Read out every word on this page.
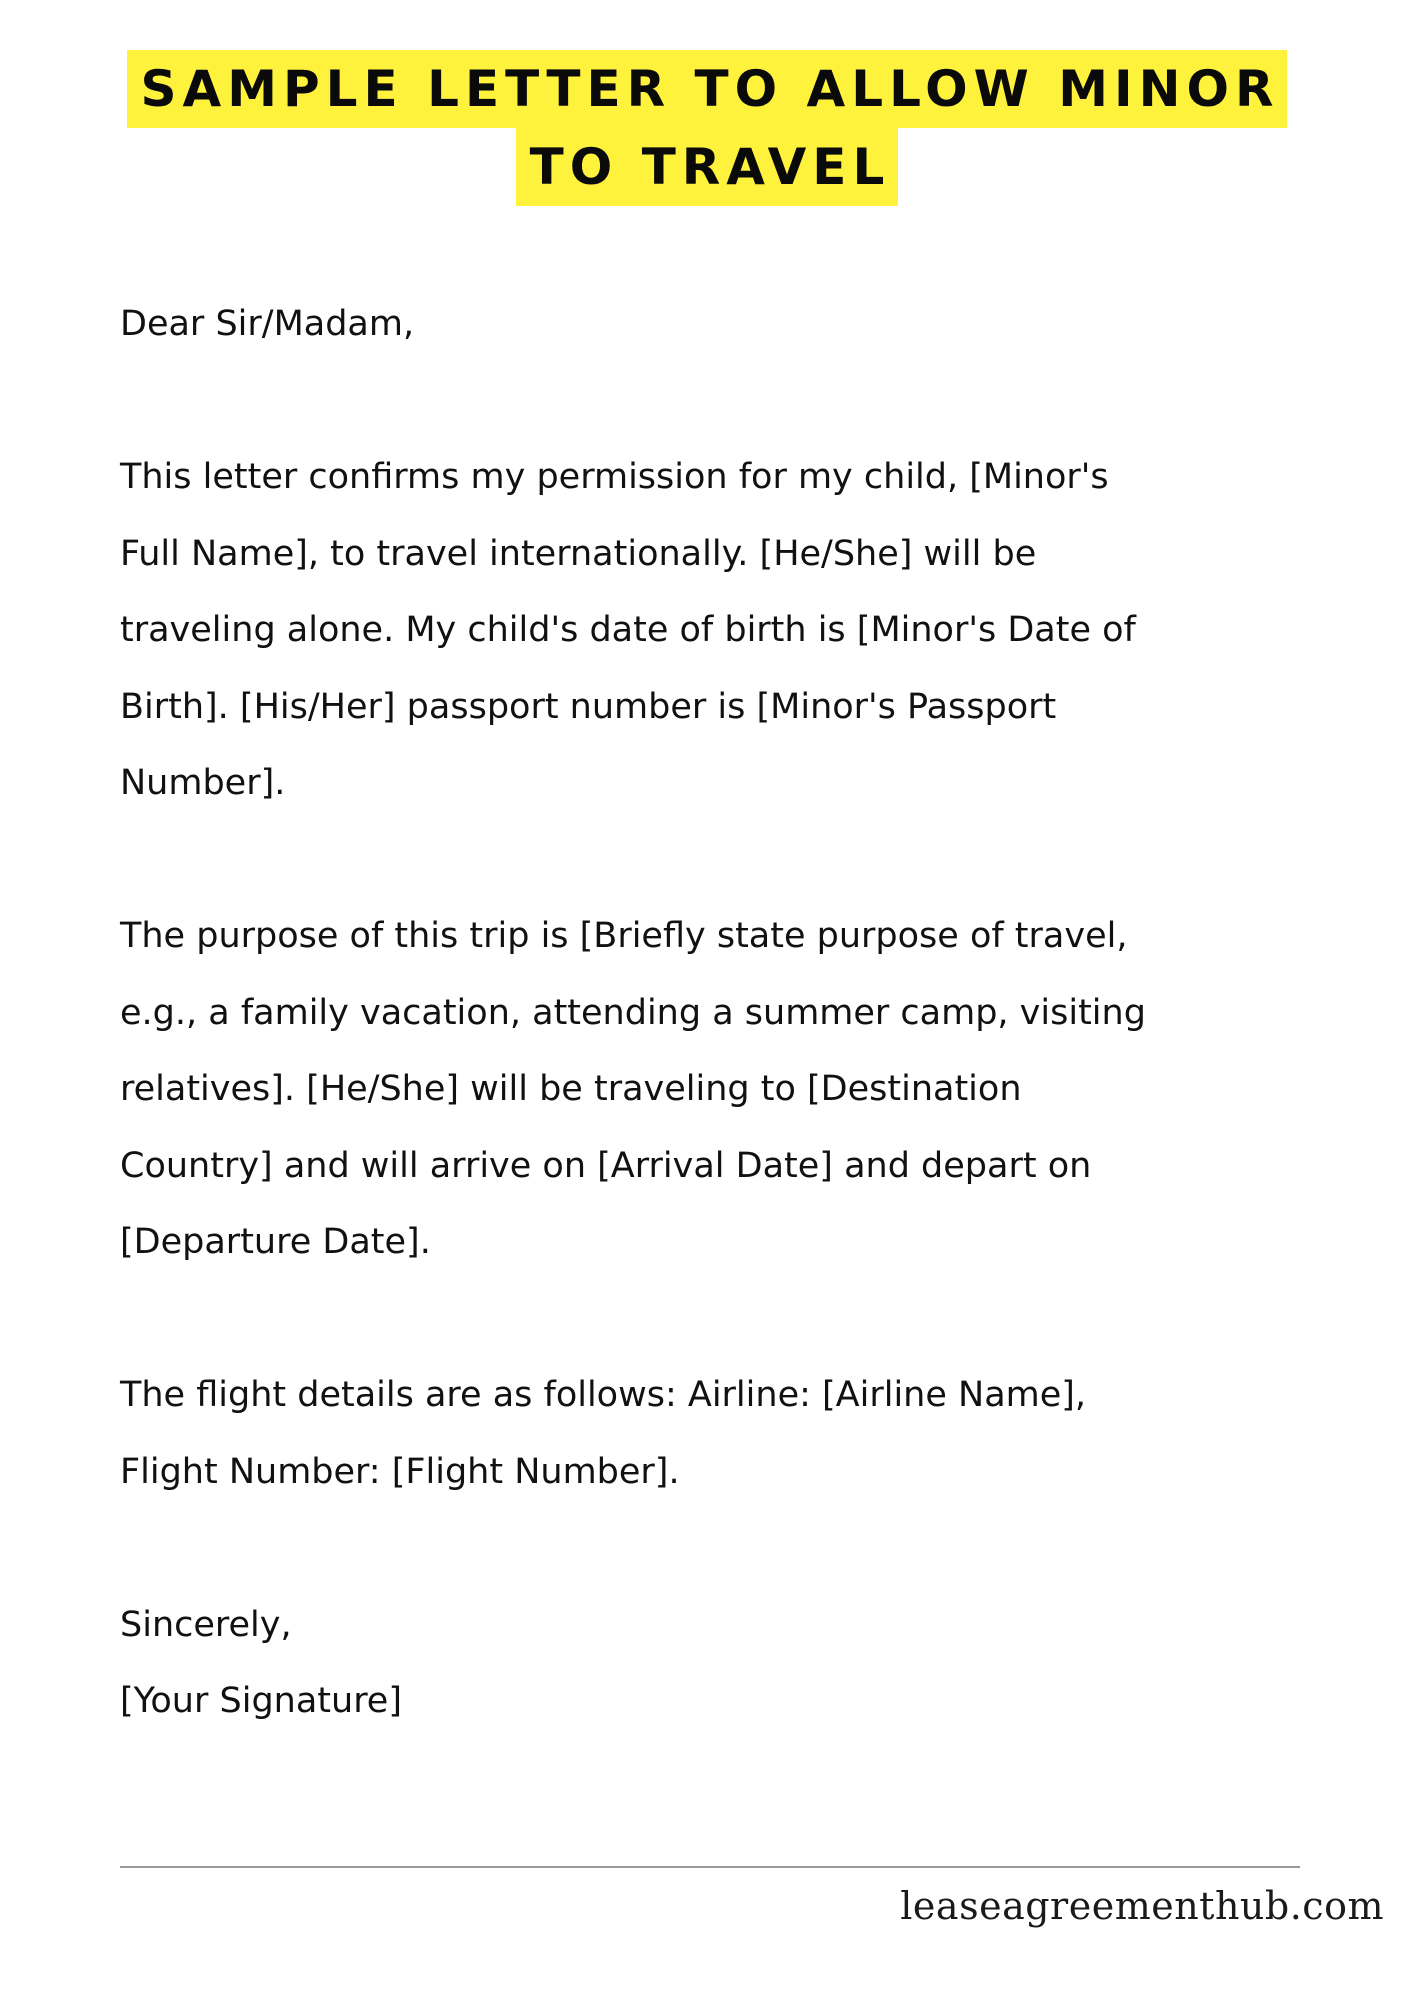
SAMPLE LETTER TO ALLOW MINOR
TO TRAVEL

Dear Sir/Madam,

This letter confirms my permission for my child, [Minor's
Full Name], to travel internationally. [He/She] will be
traveling alone. My child's date of birth is [Minor's Date of
Birth]. [His/Her] passport number is [Minor's Passport
Number].

The purpose of this trip is [Briefly state purpose of travel,
e.g., a family vacation, attending a summer camp, visiting
relatives]. [He/She] will be traveling to [Destination
Country] and will arrive on [Arrival Date] and depart on
[Departure Date].

The flight details are as follows: Airline: [Airline Name],
Flight Number: [Flight Number].

Sincerely,

[Your Signature]

leaseagreementhub.com
